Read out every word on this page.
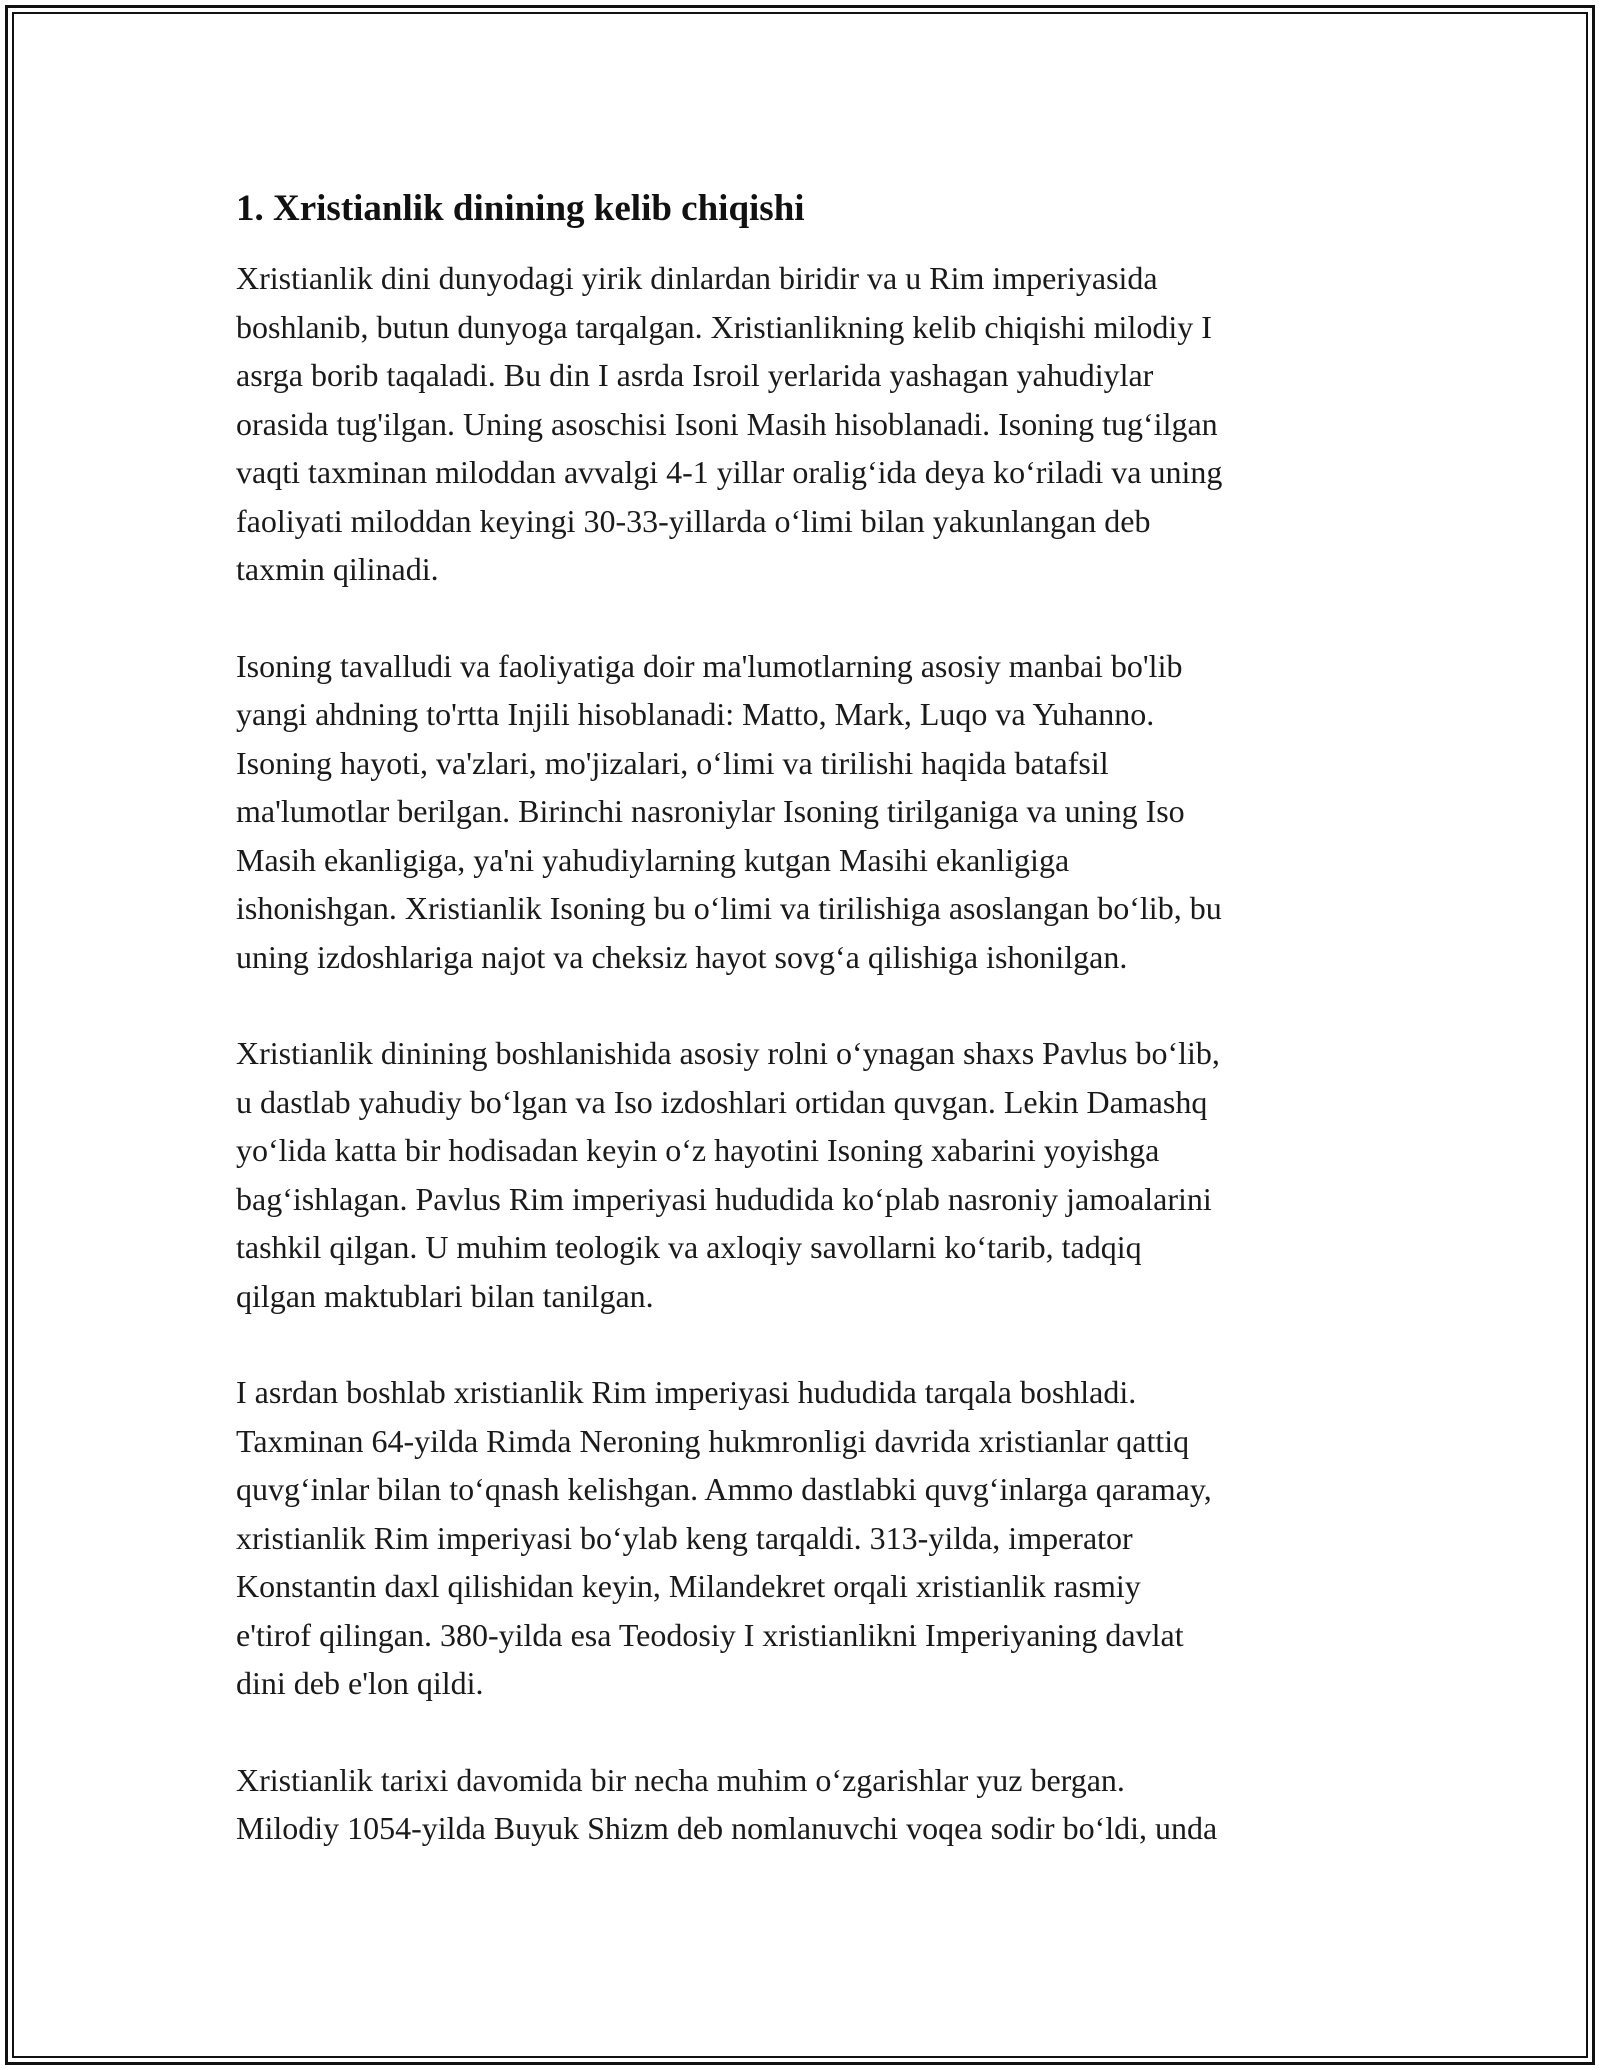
1. Xristianlik dinining kelib chiqishi

Xristianlik dini dunyodagi yirik dinlardan biridir va u Rim imperiyasida
boshlanib, butun dunyoga tarqalgan. Xristianlikning kelib chiqishi milodiy I
asrga borib taqaladi. Bu din I asrda Isroil yerlarida yashagan yahudiylar
orasida tug'ilgan. Uning asoschisi Isoni Masih hisoblanadi. Isoning tug‘ilgan
vaqti taxminan miloddan avvalgi 4-1 yillar oralig‘ida deya ko‘riladi va uning
faoliyati miloddan keyingi 30-33-yillarda o‘limi bilan yakunlangan deb
taxmin qilinadi.

Isoning tavalludi va faoliyatiga doir ma'lumotlarning asosiy manbai bo'lib
yangi ahdning to'rtta Injili hisoblanadi: Matto, Mark, Luqo va Yuhanno.
Isoning hayoti, va'zlari, mo'jizalari, o‘limi va tirilishi haqida batafsil
ma'lumotlar berilgan. Birinchi nasroniylar Isoning tirilganiga va uning Iso
Masih ekanligiga, ya'ni yahudiylarning kutgan Masihi ekanligiga
ishonishgan. Xristianlik Isoning bu o‘limi va tirilishiga asoslangan bo‘lib, bu
uning izdoshlariga najot va cheksiz hayot sovg‘a qilishiga ishonilgan.

Xristianlik dinining boshlanishida asosiy rolni o‘ynagan shaxs Pavlus bo‘lib,
u dastlab yahudiy bo‘lgan va Iso izdoshlari ortidan quvgan. Lekin Damashq
yo‘lida katta bir hodisadan keyin o‘z hayotini Isoning xabarini yoyishga
bag‘ishlagan. Pavlus Rim imperiyasi hududida ko‘plab nasroniy jamoalarini
tashkil qilgan. U muhim teologik va axloqiy savollarni ko‘tarib, tadqiq
qilgan maktublari bilan tanilgan.

I asrdan boshlab xristianlik Rim imperiyasi hududida tarqala boshladi.
Taxminan 64-yilda Rimda Neroning hukmronligi davrida xristianlar qattiq
quvg‘inlar bilan to‘qnash kelishgan. Ammo dastlabki quvg‘inlarga qaramay,
xristianlik Rim imperiyasi bo‘ylab keng tarqaldi. 313-yilda, imperator
Konstantin daxl qilishidan keyin, Milandekret orqali xristianlik rasmiy
e'tirof qilingan. 380-yilda esa Teodosiy I xristianlikni Imperiyaning davlat
dini deb e'lon qildi.

Xristianlik tarixi davomida bir necha muhim o‘zgarishlar yuz bergan.
Milodiy 1054-yilda Buyuk Shizm deb nomlanuvchi voqea sodir bo‘ldi, unda
